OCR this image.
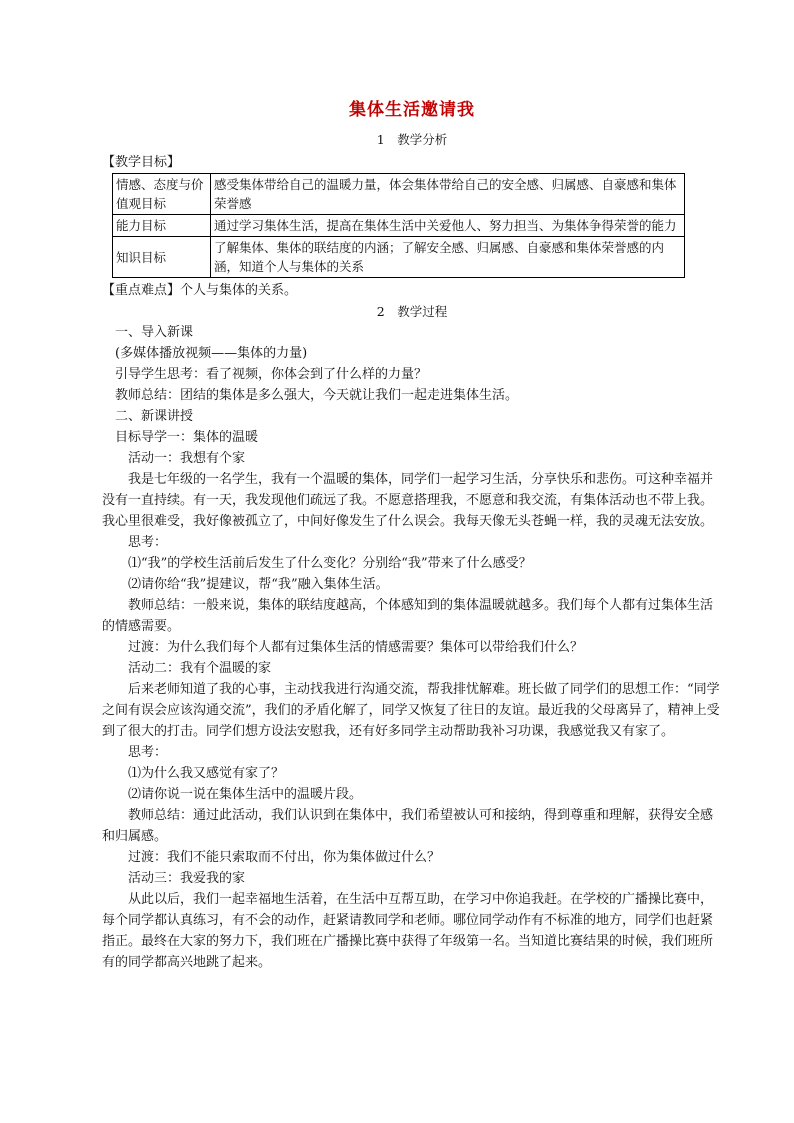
集体生活邀请我

1　教学分析

【教学目标】

情感、态度与价值观目标	感受集体带给自己的温暖力量，体会集体带给自己的安全感、归属感、自豪感和集体荣誉感
能力目标	通过学习集体生活，提高在集体生活中关爱他人、努力担当、为集体争得荣誉的能力
知识目标	了解集体、集体的联结度的内涵；了解安全感、归属感、自豪感和集体荣誉感的内涵，知道个人与集体的关系

【重点难点】个人与集体的关系。

2　教学过程

一、导入新课

(多媒体播放视频——集体的力量)

引导学生思考：看了视频，你体会到了什么样的力量？

教师总结：团结的集体是多么强大，今天就让我们一起走进集体生活。

二、新课讲授

目标导学一：集体的温暖

活动一：我想有个家

我是七年级的一名学生，我有一个温暖的集体，同学们一起学习生活，分享快乐和悲伤。可这种幸福并没有一直持续。有一天，我发现他们疏远了我。不愿意搭理我，不愿意和我交流，有集体活动也不带上我。我心里很难受，我好像被孤立了，中间好像发生了什么误会。我每天像无头苍蝇一样，我的灵魂无法安放。

思考：

⑴“我”的学校生活前后发生了什么变化？分别给“我”带来了什么感受？

⑵请你给“我”提建议，帮“我”融入集体生活。

教师总结：一般来说，集体的联结度越高，个体感知到的集体温暖就越多。我们每个人都有过集体生活的情感需要。

过渡：为什么我们每个人都有过集体生活的情感需要？集体可以带给我们什么？

活动二：我有个温暖的家

后来老师知道了我的心事，主动找我进行沟通交流，帮我排忧解难。班长做了同学们的思想工作：“同学之间有误会应该沟通交流”，我们的矛盾化解了，同学又恢复了往日的友谊。最近我的父母离异了，精神上受到了很大的打击。同学们想方设法安慰我，还有好多同学主动帮助我补习功课，我感觉我又有家了。

思考：

⑴为什么我又感觉有家了？

⑵请你说一说在集体生活中的温暖片段。

教师总结：通过此活动，我们认识到在集体中，我们希望被认可和接纳，得到尊重和理解，获得安全感和归属感。

过渡：我们不能只索取而不付出，你为集体做过什么？

活动三：我爱我的家

从此以后，我们一起幸福地生活着，在生活中互帮互助，在学习中你追我赶。在学校的广播操比赛中，每个同学都认真练习，有不会的动作，赶紧请教同学和老师。哪位同学动作有不标准的地方，同学们也赶紧指正。最终在大家的努力下，我们班在广播操比赛中获得了年级第一名。当知道比赛结果的时候，我们班所有的同学都高兴地跳了起来。
